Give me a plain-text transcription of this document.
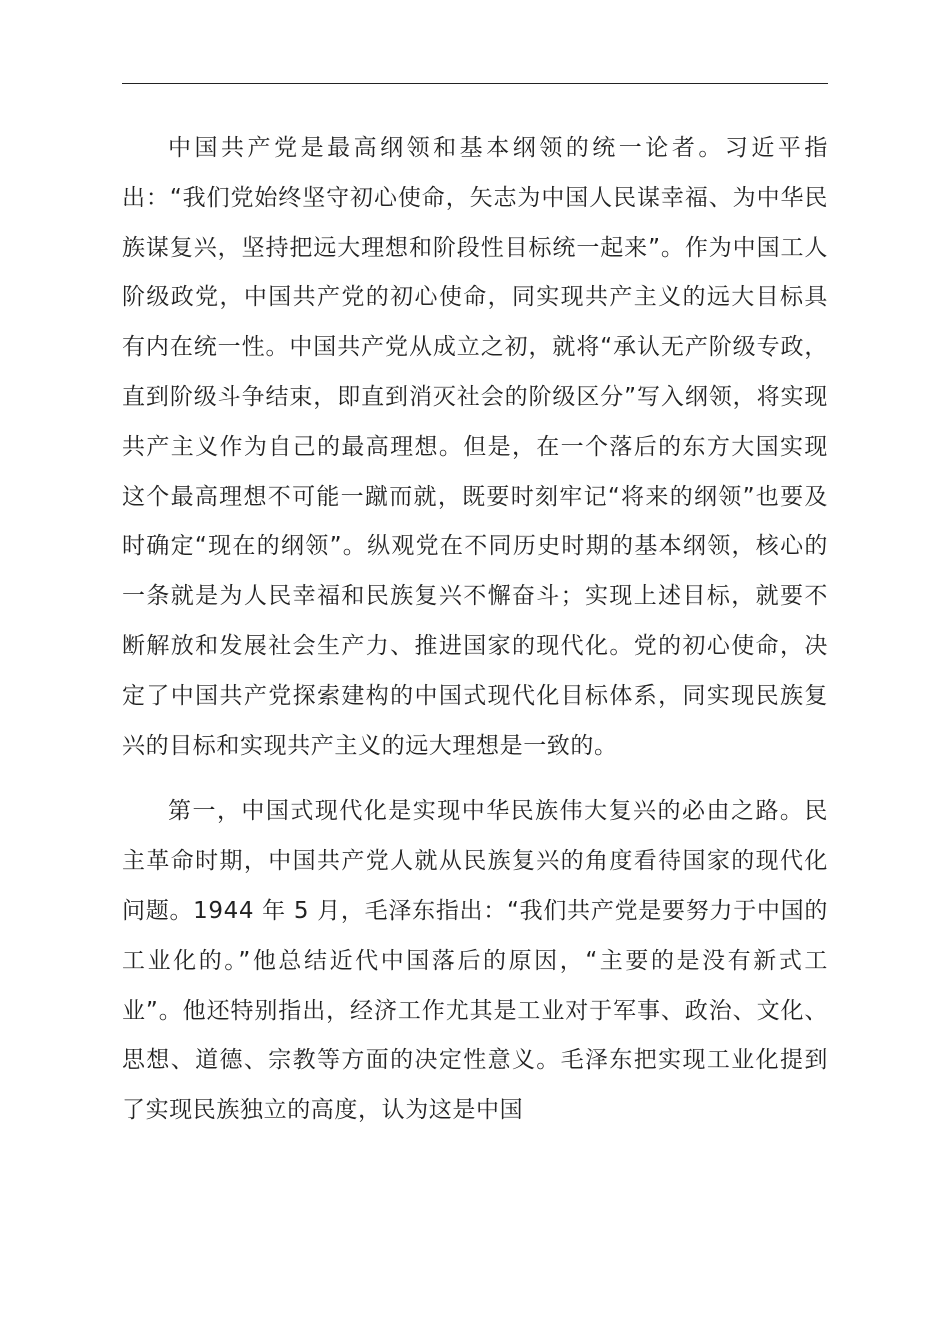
中国共产党是最高纲领和基本纲领的统一论者。习近平指出：“我们党始终坚守初心使命，矢志为中国人民谋幸福、为中华民族谋复兴，坚持把远大理想和阶段性目标统一起来”。作为中国工人阶级政党，中国共产党的初心使命，同实现共产主义的远大目标具有内在统一性。中国共产党从成立之初，就将“承认无产阶级专政，直到阶级斗争结束，即直到消灭社会的阶级区分”写入纲领，将实现共产主义作为自己的最高理想。但是，在一个落后的东方大国实现这个最高理想不可能一蹴而就，既要时刻牢记“将来的纲领”也要及时确定“现在的纲领”。纵观党在不同历史时期的基本纲领，核心的一条就是为人民幸福和民族复兴不懈奋斗；实现上述目标，就要不断解放和发展社会生产力、推进国家的现代化。党的初心使命，决定了中国共产党探索建构的中国式现代化目标体系，同实现民族复兴的目标和实现共产主义的远大理想是一致的。

第一，中国式现代化是实现中华民族伟大复兴的必由之路。民主革命时期，中国共产党人就从民族复兴的角度看待国家的现代化问题。1944 年 5 月，毛泽东指出：“我们共产党是要努力于中国的工业化的。”他总结近代中国落后的原因，“主要的是没有新式工业”。他还特别指出，经济工作尤其是工业对于军事、政治、文化、思想、道德、宗教等方面的决定性意义。毛泽东把实现工业化提到了实现民族独立的高度，认为这是中国
